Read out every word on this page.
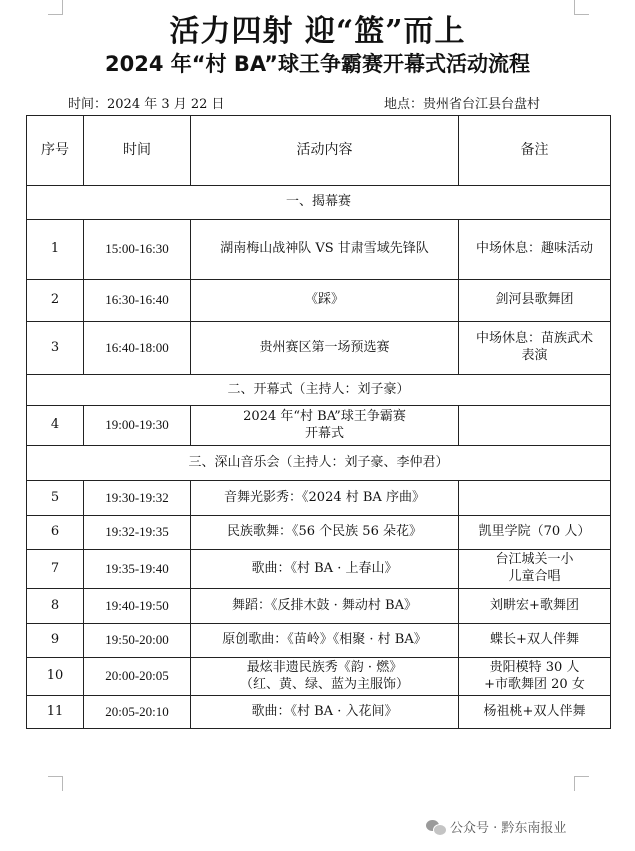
活力四射 迎“篮”而上
2024 年“村 BA”球王争霸赛开幕式活动流程
时间：2024 年 3 月 22 日	地点：贵州省台江县台盘村
序号	时间	活动内容	备注
一、揭幕赛			
1	15:00-16:30	湖南梅山战神队 VS 甘肃雪域先锋队	中场休息：趣味活动
2	16:30-16:40	《踩》	剑河县歌舞团
3	16:40-18:00	贵州赛区第一场预选赛	中场休息：苗族武术
表演
二、开幕式（主持人：刘子豪）			
4	19:00-19:30	2024 年“村 BA”球王争霸赛
开幕式	
三、深山音乐会（主持人：刘子豪、李仲君）			
5	19:30-19:32	音舞光影秀：《2024 村 BA 序曲》	
6	19:32-19:35	民族歌舞：《56 个民族 56 朵花》	凯里学院（70 人）
7	19:35-19:40	歌曲：《村 BA · 上春山》	台江城关一小
儿童合唱
8	19:40-19:50	舞蹈：《反排木鼓 · 舞动村 BA》	刘畊宏+歌舞团
9	19:50-20:00	原创歌曲：《苗岭》《相聚 · 村 BA》	蝶长+双人伴舞
10	20:00-20:05	最炫非遗民族秀《韵 · 燃》
（红、黄、绿、蓝为主服饰）	贵阳模特 30 人
+市歌舞团 20 女
11	20:05-20:10	歌曲：《村 BA · 入花间》	杨祖桃+双人伴舞
公众号 · 黔东南报业
